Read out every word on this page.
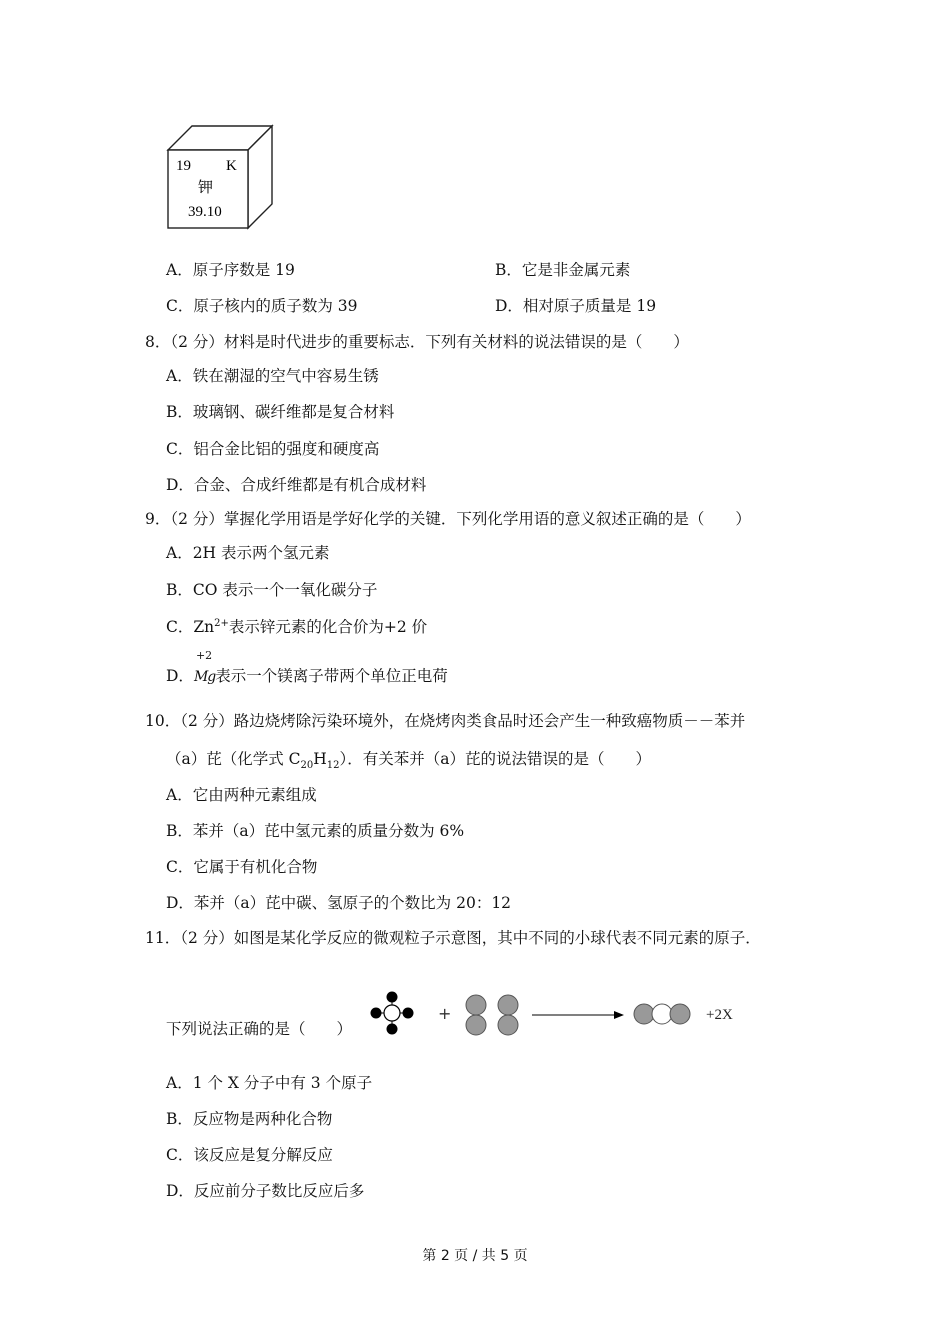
19 K
钾
39.10
A．原子序数是 19	B．它是非金属元素
C．原子核内的质子数为 39	D．相对原子质量是 19
8．（2 分）材料是时代进步的重要标志．下列有关材料的说法错误的是（　　）
A．铁在潮湿的空气中容易生锈
B．玻璃钢、碳纤维都是复合材料
C．铝合金比铝的强度和硬度高
D．合金、合成纤维都是有机合成材料
9．（2 分）掌握化学用语是学好化学的关键．下列化学用语的意义叙述正确的是（　　）
A．2H 表示两个氢元素
B．CO 表示一个一氧化碳分子
C．$Zn^{2+}$表示锌元素的化合价为+2 价
D．
+2
Mg表示一个镁离子带两个单位正电荷
10．（2 分）路边烧烤除污染环境外，在烧烤肉类食品时还会产生一种致癌物质－－苯并
（a）芘（化学式 $C_{20}H_{12}$）．有关苯并（a）芘的说法错误的是（　　）
A．它由两种元素组成
B．苯并（a）芘中氢元素的质量分数为 6%
C．它属于有机化合物
D．苯并（a）芘中碳、氢原子的个数比为 20：12
11．（2 分）如图是某化学反应的微观粒子示意图，其中不同的小球代表不同元素的原子．
下列说法正确的是（　　）
+	+2X
A．1 个 X 分子中有 3 个原子
B．反应物是两种化合物
C．该反应是复分解反应
D．反应前分子数比反应后多
第 2 页 / 共 5 页
